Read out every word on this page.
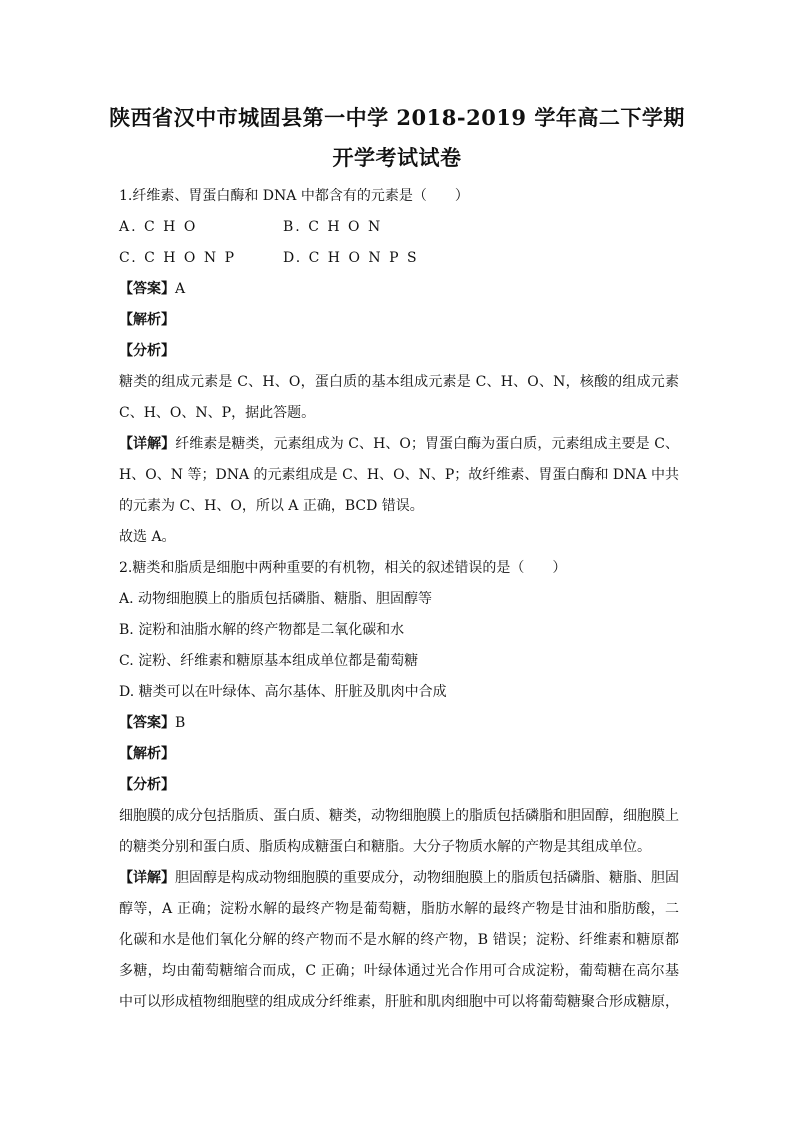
陕西省汉中市城固县第一中学 2018-2019 学年高二下学期
开学考试试卷
1.纤维素、胃蛋白酶和 DNA 中都含有的元素是（　　）
A. C H O	B. C H O N
C. C H O N P	D. C H O N P S
【答案】A
【解析】
【分析】
糖类的组成元素是 C、H、O，蛋白质的基本组成元素是 C、H、O、N，核酸的组成元素
C、H、O、N、P，据此答题。
【详解】纤维素是糖类，元素组成为 C、H、O；胃蛋白酶为蛋白质，元素组成主要是 C、
H、O、N 等；DNA 的元素组成是 C、H、O、N、P；故纤维素、胃蛋白酶和 DNA 中共
的元素为 C、H、O，所以 A 正确，BCD 错误。
故选 A。
2.糖类和脂质是细胞中两种重要的有机物，相关的叙述错误的是（　　）
A. 动物细胞膜上的脂质包括磷脂、糖脂、胆固醇等
B. 淀粉和油脂水解的终产物都是二氧化碳和水
C. 淀粉、纤维素和糖原基本组成单位都是葡萄糖
D. 糖类可以在叶绿体、高尔基体、肝脏及肌肉中合成
【答案】B
【解析】
【分析】
细胞膜的成分包括脂质、蛋白质、糖类，动物细胞膜上的脂质包括磷脂和胆固醇，细胞膜上
的糖类分别和蛋白质、脂质构成糖蛋白和糖脂。大分子物质水解的产物是其组成单位。
【详解】胆固醇是构成动物细胞膜的重要成分，动物细胞膜上的脂质包括磷脂、糖脂、胆固
醇等，A 正确；淀粉水解的最终产物是葡萄糖，脂肪水解的最终产物是甘油和脂肪酸，二
化碳和水是他们氧化分解的终产物而不是水解的终产物，B 错误；淀粉、纤维素和糖原都
多糖，均由葡萄糖缩合而成，C 正确；叶绿体通过光合作用可合成淀粉，葡萄糖在高尔基
中可以形成植物细胞壁的组成成分纤维素，肝脏和肌肉细胞中可以将葡萄糖聚合形成糖原，
